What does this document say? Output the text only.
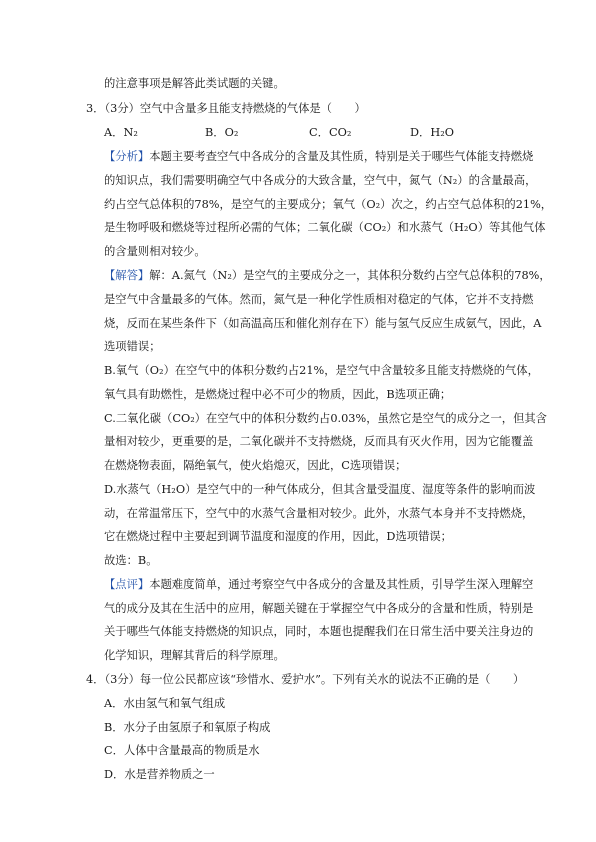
的注意事项是解答此类试题的关键。
3．（3分）空气中含量多且能支持燃烧的气体是（　　）
A．N₂	B．O₂	C．CO₂	D．H₂O
【分析】本题主要考查空气中各成分的含量及其性质，特别是关于哪些气体能支持燃烧
的知识点，我们需要明确空气中各成分的大致含量，空气中，氮气（N₂）的含量最高，
约占空气总体积的78%，是空气的主要成分；氧气（O₂）次之，约占空气总体积的21%，
是生物呼吸和燃烧等过程所必需的气体；二氧化碳（CO₂）和水蒸气（H₂O）等其他气体
的含量则相对较少。
【解答】解：A.氮气（N₂）是空气的主要成分之一，其体积分数约占空气总体积的78%，
是空气中含量最多的气体。然而，氮气是一种化学性质相对稳定的气体，它并不支持燃
烧，反而在某些条件下（如高温高压和催化剂存在下）能与氢气反应生成氨气，因此，A
选项错误；
B.氧气（O₂）在空气中的体积分数约占21%，是空气中含量较多且能支持燃烧的气体，
氧气具有助燃性，是燃烧过程中必不可少的物质，因此，B选项正确；
C.二氧化碳（CO₂）在空气中的体积分数约占0.03%，虽然它是空气的成分之一，但其含
量相对较少，更重要的是，二氧化碳并不支持燃烧，反而具有灭火作用，因为它能覆盖
在燃烧物表面，隔绝氧气，使火焰熄灭，因此，C选项错误；
D.水蒸气（H₂O）是空气中的一种气体成分，但其含量受温度、湿度等条件的影响而波
动，在常温常压下，空气中的水蒸气含量相对较少。此外，水蒸气本身并不支持燃烧，
它在燃烧过程中主要起到调节温度和湿度的作用，因此，D选项错误；
故选：B。
【点评】本题难度简单，通过考察空气中各成分的含量及其性质，引导学生深入理解空
气的成分及其在生活中的应用，解题关键在于掌握空气中各成分的含量和性质，特别是
关于哪些气体能支持燃烧的知识点，同时，本题也提醒我们在日常生活中要关注身边的
化学知识，理解其背后的科学原理。
4．（3分）每一位公民都应该“珍惜水、爱护水”。下列有关水的说法不正确的是（　　）
A．水由氢气和氧气组成
B．水分子由氢原子和氧原子构成
C．人体中含量最高的物质是水
D．水是营养物质之一
